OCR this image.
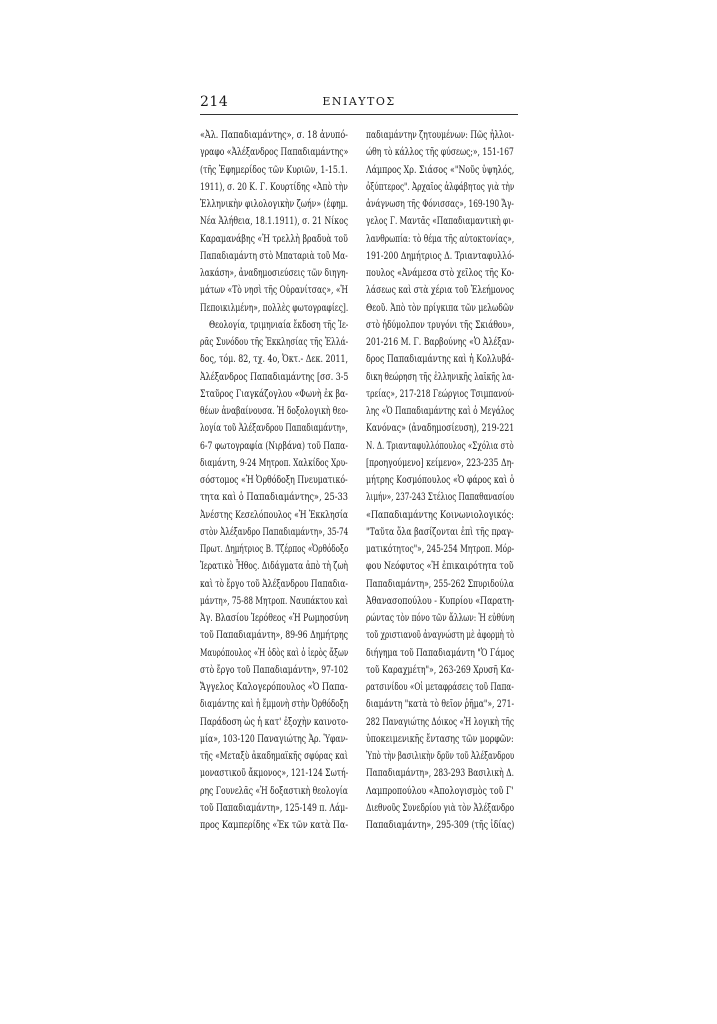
214	ΕΝΙΑΥΤΟΣ
«Ἀλ. Παπαδιαμάντης», σ. 18 ἀνυπό-
γραφο «Ἀλέξανδρος Παπαδιαμάντης»
(τῆς Ἐφημερίδος τῶν Κυριῶν, 1-15.1.
1911), σ. 20 Κ. Γ. Κουρτίδης «Ἀπὸ τὴν
Ἑλληνικὴν φιλολογικὴν ζωήν» (ἐφημ.
Νέα Ἀλήθεια, 18.1.1911), σ. 21 Νίκος
Καραμανάβης «Ἡ τρελλὴ βραδυὰ τοῦ
Παπαδιαμάντη στὸ Μπαταριὰ τοῦ Μα-
λακάση», ἀναδημοσιεύσεις τῶν διηγη-
μάτων «Τὸ νησὶ τῆς Οὐρανίτσας», «Ἡ
Πεποικιλμένη», πολλὲς φωτογραφίες].
Θεολογία, τριμηνιαία ἔκδοση τῆς Ἱε-
ρᾶς Συνόδου τῆς Ἐκκλησίας τῆς Ἑλλά-
δος, τόμ. 82, τχ. 4ο, Ὀκτ.- Δεκ. 2011,
Ἀλέξανδρος Παπαδιαμάντης [σσ. 3-5
Σταῦρος Γιαγκάζογλου «Φωνὴ ἐκ βα-
θέων ἀναβαίνουσα. Ἡ δοξολογικὴ θεο-
λογία τοῦ Ἀλέξανδρου Παπαδιαμάντη»,
6-7 φωτογραφία (Νιρβάνα) τοῦ Παπα-
διαμάντη, 9-24 Μητροπ. Χαλκίδος Χρυ-
σόστομος «Ἡ Ὀρθόδοξη Πνευματικό-
τητα καὶ ὁ Παπαδιαμάντης», 25-33
Ἀνέστης Κεσελόπουλος «Ἡ Ἐκκλησία
στὸν Ἀλέξανδρο Παπαδιαμάντη», 35-74
Πρωτ. Δημήτριος Β. Τζέρπος «Ὀρθόδοξο
Ἱερατικὸ Ἦθος. Διδάγματα ἀπὸ τὴ ζωὴ
καὶ τὸ ἔργο τοῦ Ἀλέξανδρου Παπαδια-
μάντη», 75-88 Μητροπ. Ναυπάκτου καὶ
Ἁγ. Βλασίου Ἱερόθεος «Ἡ Ρωμηοσύνη
τοῦ Παπαδιαμάντη», 89-96 Δημήτρης
Μαυρόπουλος «Ἡ ὁδὸς καὶ ὁ ἱερὸς ἄξων
στὸ ἔργο τοῦ Παπαδιαμάντη», 97-102
Ἄγγελος Καλογερόπουλος «Ὁ Παπα-
διαμάντης καὶ ἡ ἔμμονὴ στὴν Ὀρθόδοξη
Παράδοση ὡς ἡ κατ' ἐξοχὴν καινοτο-
μία», 103-120 Παναγιώτης Ἀρ. Ὑφαν-
τῆς «Μεταξὺ ἀκαδημαϊκῆς σφύρας καὶ
μοναστικοῦ ἄκμονος», 121-124 Σωτή-
ρης Γουνελᾶς «Ἡ δοξαστικὴ θεολογία
τοῦ Παπαδιαμάντη», 125-149 π. Λάμ-
προς Καμπερίδης «Ἐκ τῶν κατὰ Πα-
παδιαμάντην ζητουμένων: Πῶς ἠλλοι-
ώθη τὸ κάλλος τῆς φύσεως;», 151-167
Λάμπρος Χρ. Σιάσος «"Νοῦς ὑψηλός,
ὀξύπτερος". Ἀρχαῖος ἀλφάβητος γιὰ τὴν
ἀνάγνωση τῆς Φόνισσας», 169-190 Ἄγ-
γελος Γ. Μαντᾶς «Παπαδιαμαντικὴ φι-
λανθρωπία: τὸ θέμα τῆς αὐτοκτονίας»,
191-200 Δημήτριος Δ. Τριανταφυλλό-
πουλος «Ἀνάμεσα στὸ χεῖλος τῆς Κο-
λάσεως καὶ στὰ χέρια τοῦ Ἐλεήμονος
Θεοῦ. Ἀπὸ τὸν πρίγκιπα τῶν μελωδῶν
στὸ ἠδύμολπον τρυγόνι τῆς Σκιάθου»,
201-216 Μ. Γ. Βαρβούνης «Ὁ Ἀλέξαν-
δρος Παπαδιαμάντης καὶ ἡ Κολλυβά-
δικη θεώρηση τῆς ἑλληνικῆς λαϊκῆς λα-
τρείας», 217-218 Γεώργιος Τσιμπανού-
λης «Ὁ Παπαδιαμάντης καὶ ὁ Μεγάλος
Κανόνας» (ἀναδημοσίευση), 219-221
Ν. Δ. Τριανταφυλλόπουλος «Σχόλια στὸ
[προηγούμενο] κείμενο», 223-235 Δη-
μήτρης Κοσμόπουλος «Ὁ φάρος καὶ ὁ
λιμήν», 237-243 Στέλιος Παπαθανασίου
«Παπαδιαμάντης Κοινωνιολογικός:
"Ταῦτα ὅλα βασίζονται ἐπὶ τῆς πραγ-
ματικότητος"», 245-254 Μητροπ. Μόρ-
φου Νεόφυτος «Ἡ ἐπικαιρότητα τοῦ
Παπαδιαμάντη», 255-262 Σπυριδούλα
Ἀθανασοπούλου - Κυπρίου «Παρατη-
ρώντας τὸν πόνο τῶν ἄλλων: Ἡ εὐθύνη
τοῦ χριστιανοῦ ἀναγνώστη μὲ ἀφορμὴ τὸ
διήγημα τοῦ Παπαδιαμάντη "Ὁ Γάμος
τοῦ Καραχμέτη"», 263-269 Χρυσῆ Κα-
ρατσινίδου «Οἱ μεταφράσεις τοῦ Παπα-
διαμάντη "κατὰ τὸ θεῖον ῥῆμα"», 271-
282 Παναγιώτης Δόικος «Ἡ λογικὴ τῆς
ὑποκειμενικῆς ἔντασης τῶν μορφῶν:
Ὑπὸ τὴν βασιλικὴν δρῦν τοῦ Ἀλέξανδρου
Παπαδιαμάντη», 283-293 Βασιλικὴ Δ.
Λαμπροπούλου «Ἀπολογισμὸς τοῦ Γ'
Διεθνοῦς Συνεδρίου γιὰ τὸν Ἀλέξανδρο
Παπαδιαμάντη», 295-309 (τῆς ἰδίας)
